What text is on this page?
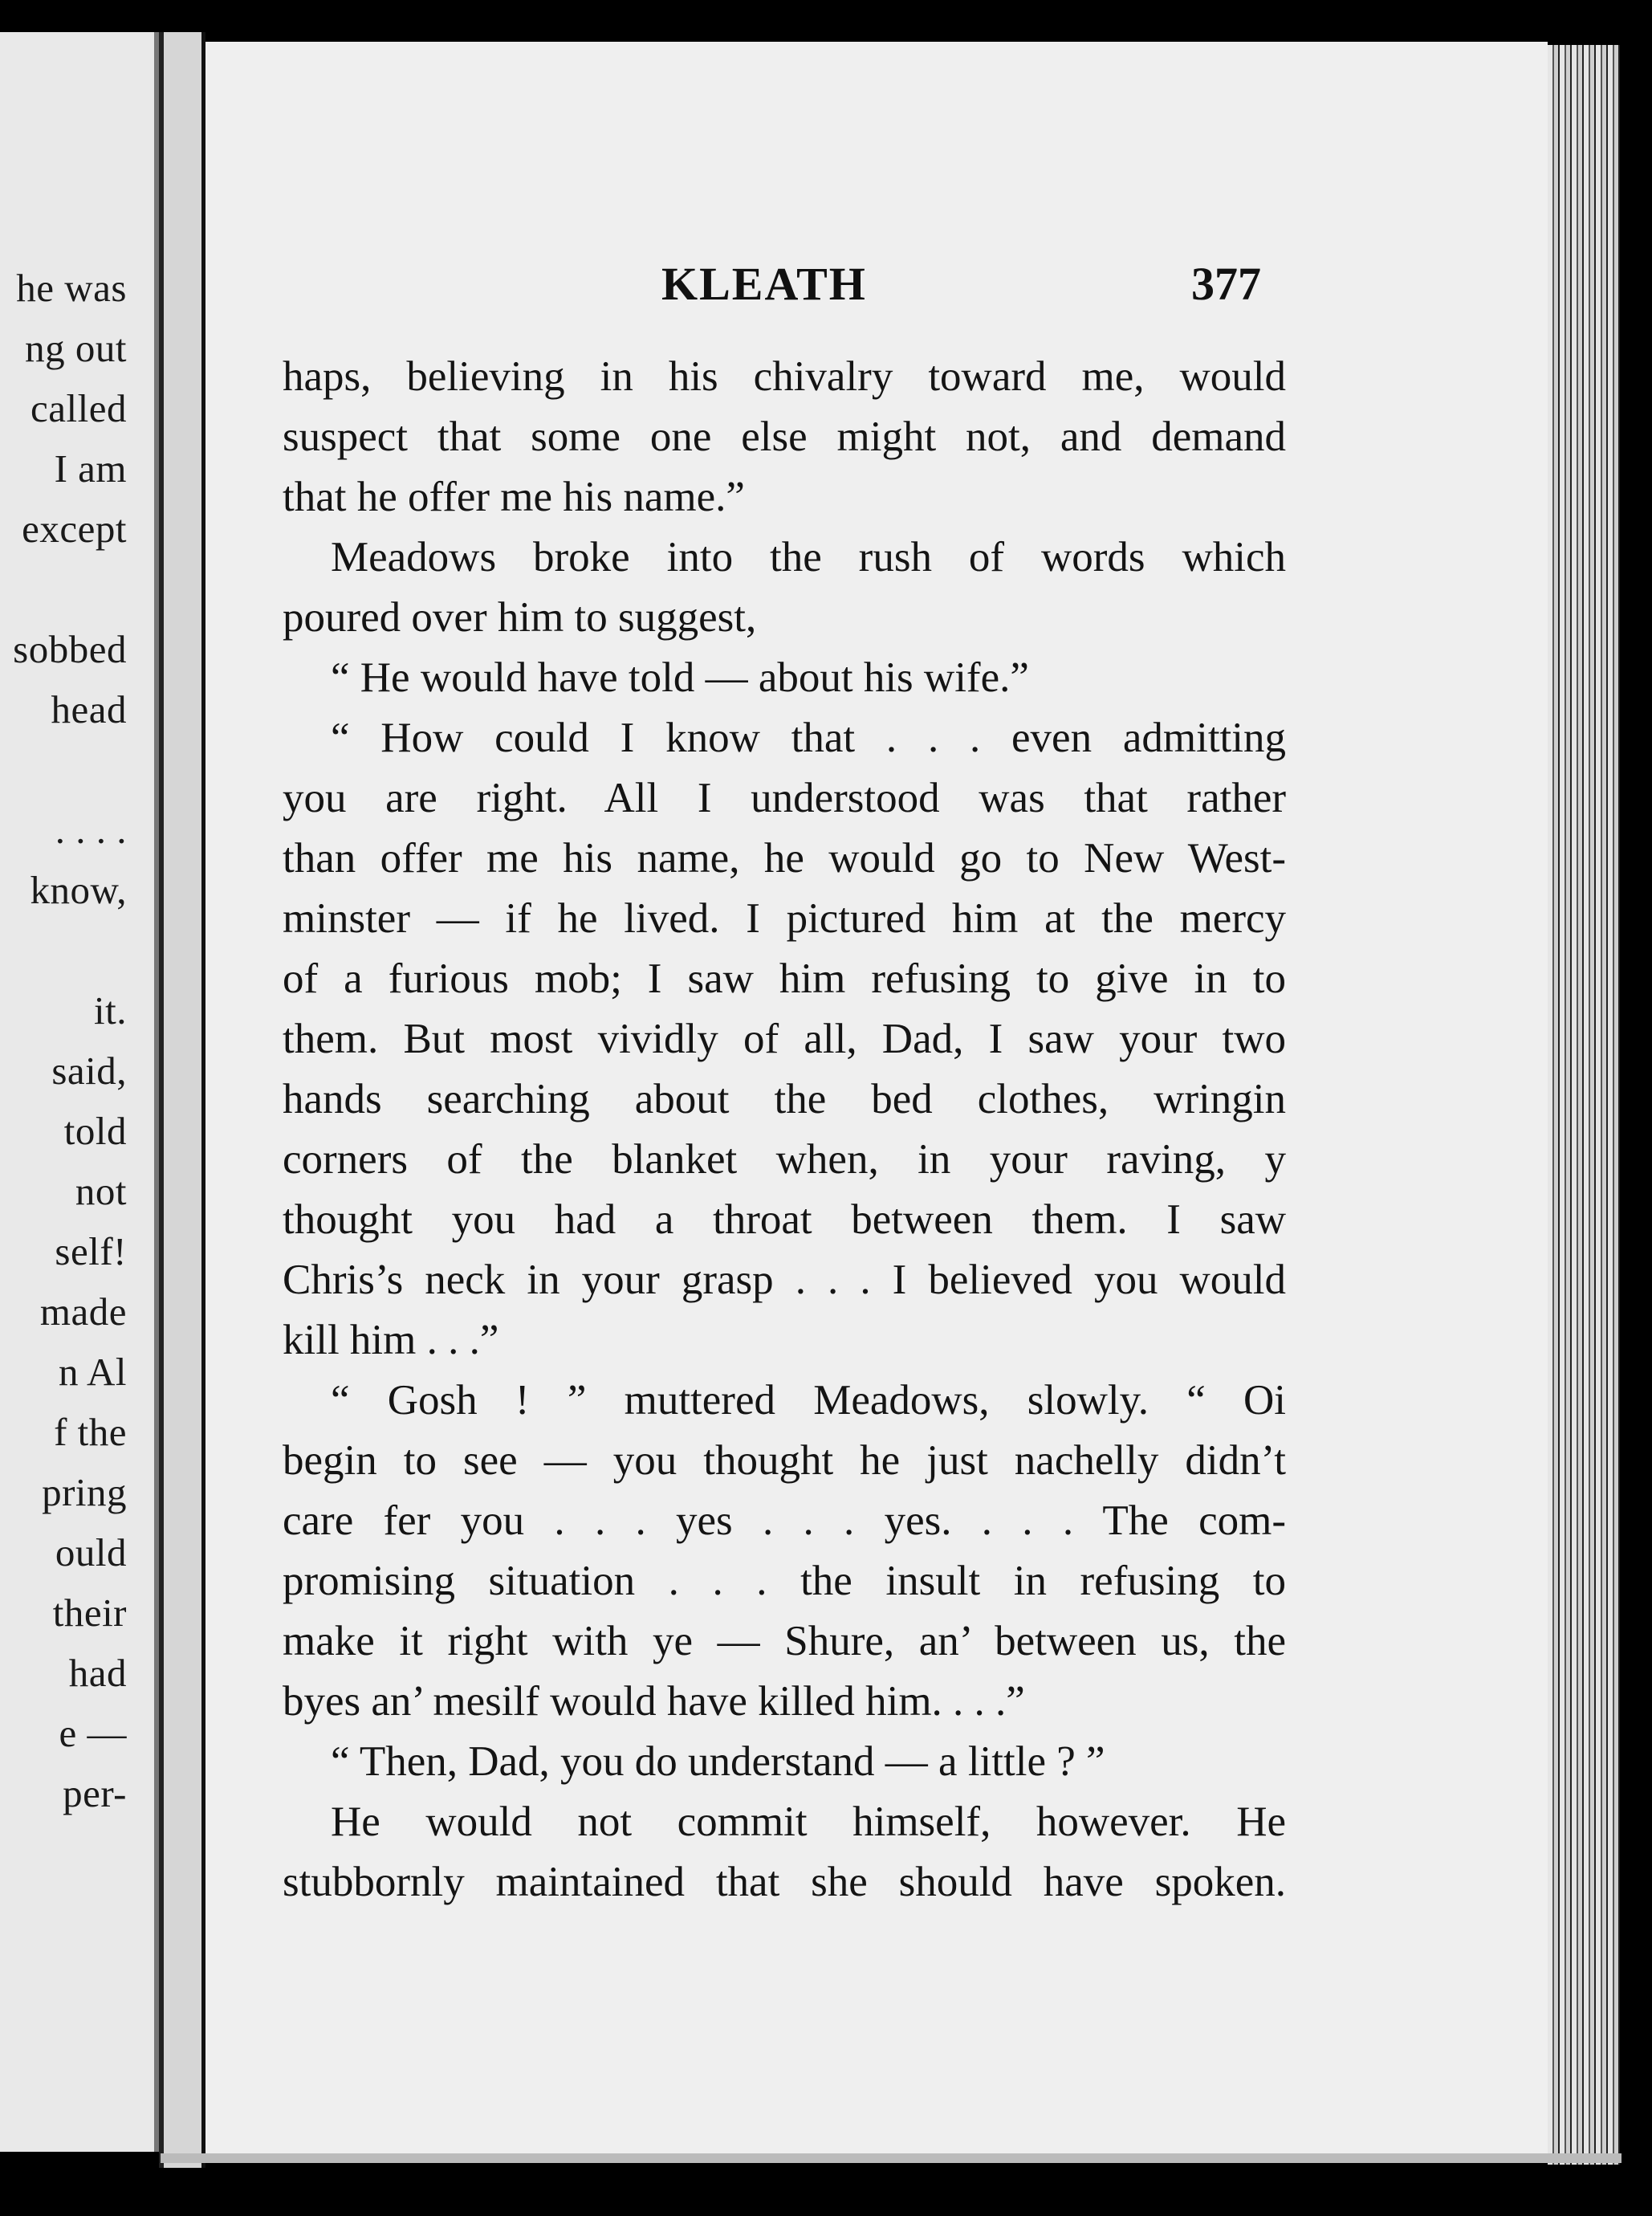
he was
ng out
called
I am
except
sobbed
head
. . . .
know,
it.
said,
told
not
self!
made
n Al
f the
pring
ould
their
had
e —
per-
KLEATH	377
haps, believing in his chivalry toward me, would
suspect that some one else might not, and demand
that he offer me his name.”
Meadows broke into the rush of words which
poured over him to suggest,
“ He would have told — about his wife.”
“ How could I know that . . . even admitting
you are right. All I understood was that rather
than offer me his name, he would go to New West-
minster — if he lived. I pictured him at the mercy
of a furious mob; I saw him refusing to give in to
them. But most vividly of all, Dad, I saw your two
hands searching about the bed clothes, wringin
corners of the blanket when, in your raving, y
thought you had a throat between them. I saw
Chris’s neck in your grasp . . . I believed you would
kill him . . .”
“ Gosh ! ” muttered Meadows, slowly. “ Oi
begin to see — you thought he just nachelly didn’t
care fer you . . . yes . . . yes. . . . The com-
promising situation . . . the insult in refusing to
make it right with ye — Shure, an’ between us, the
byes an’ mesilf would have killed him. . . .”
“ Then, Dad, you do understand — a little ? ”
He would not commit himself, however. He
stubbornly maintained that she should have spoken.
